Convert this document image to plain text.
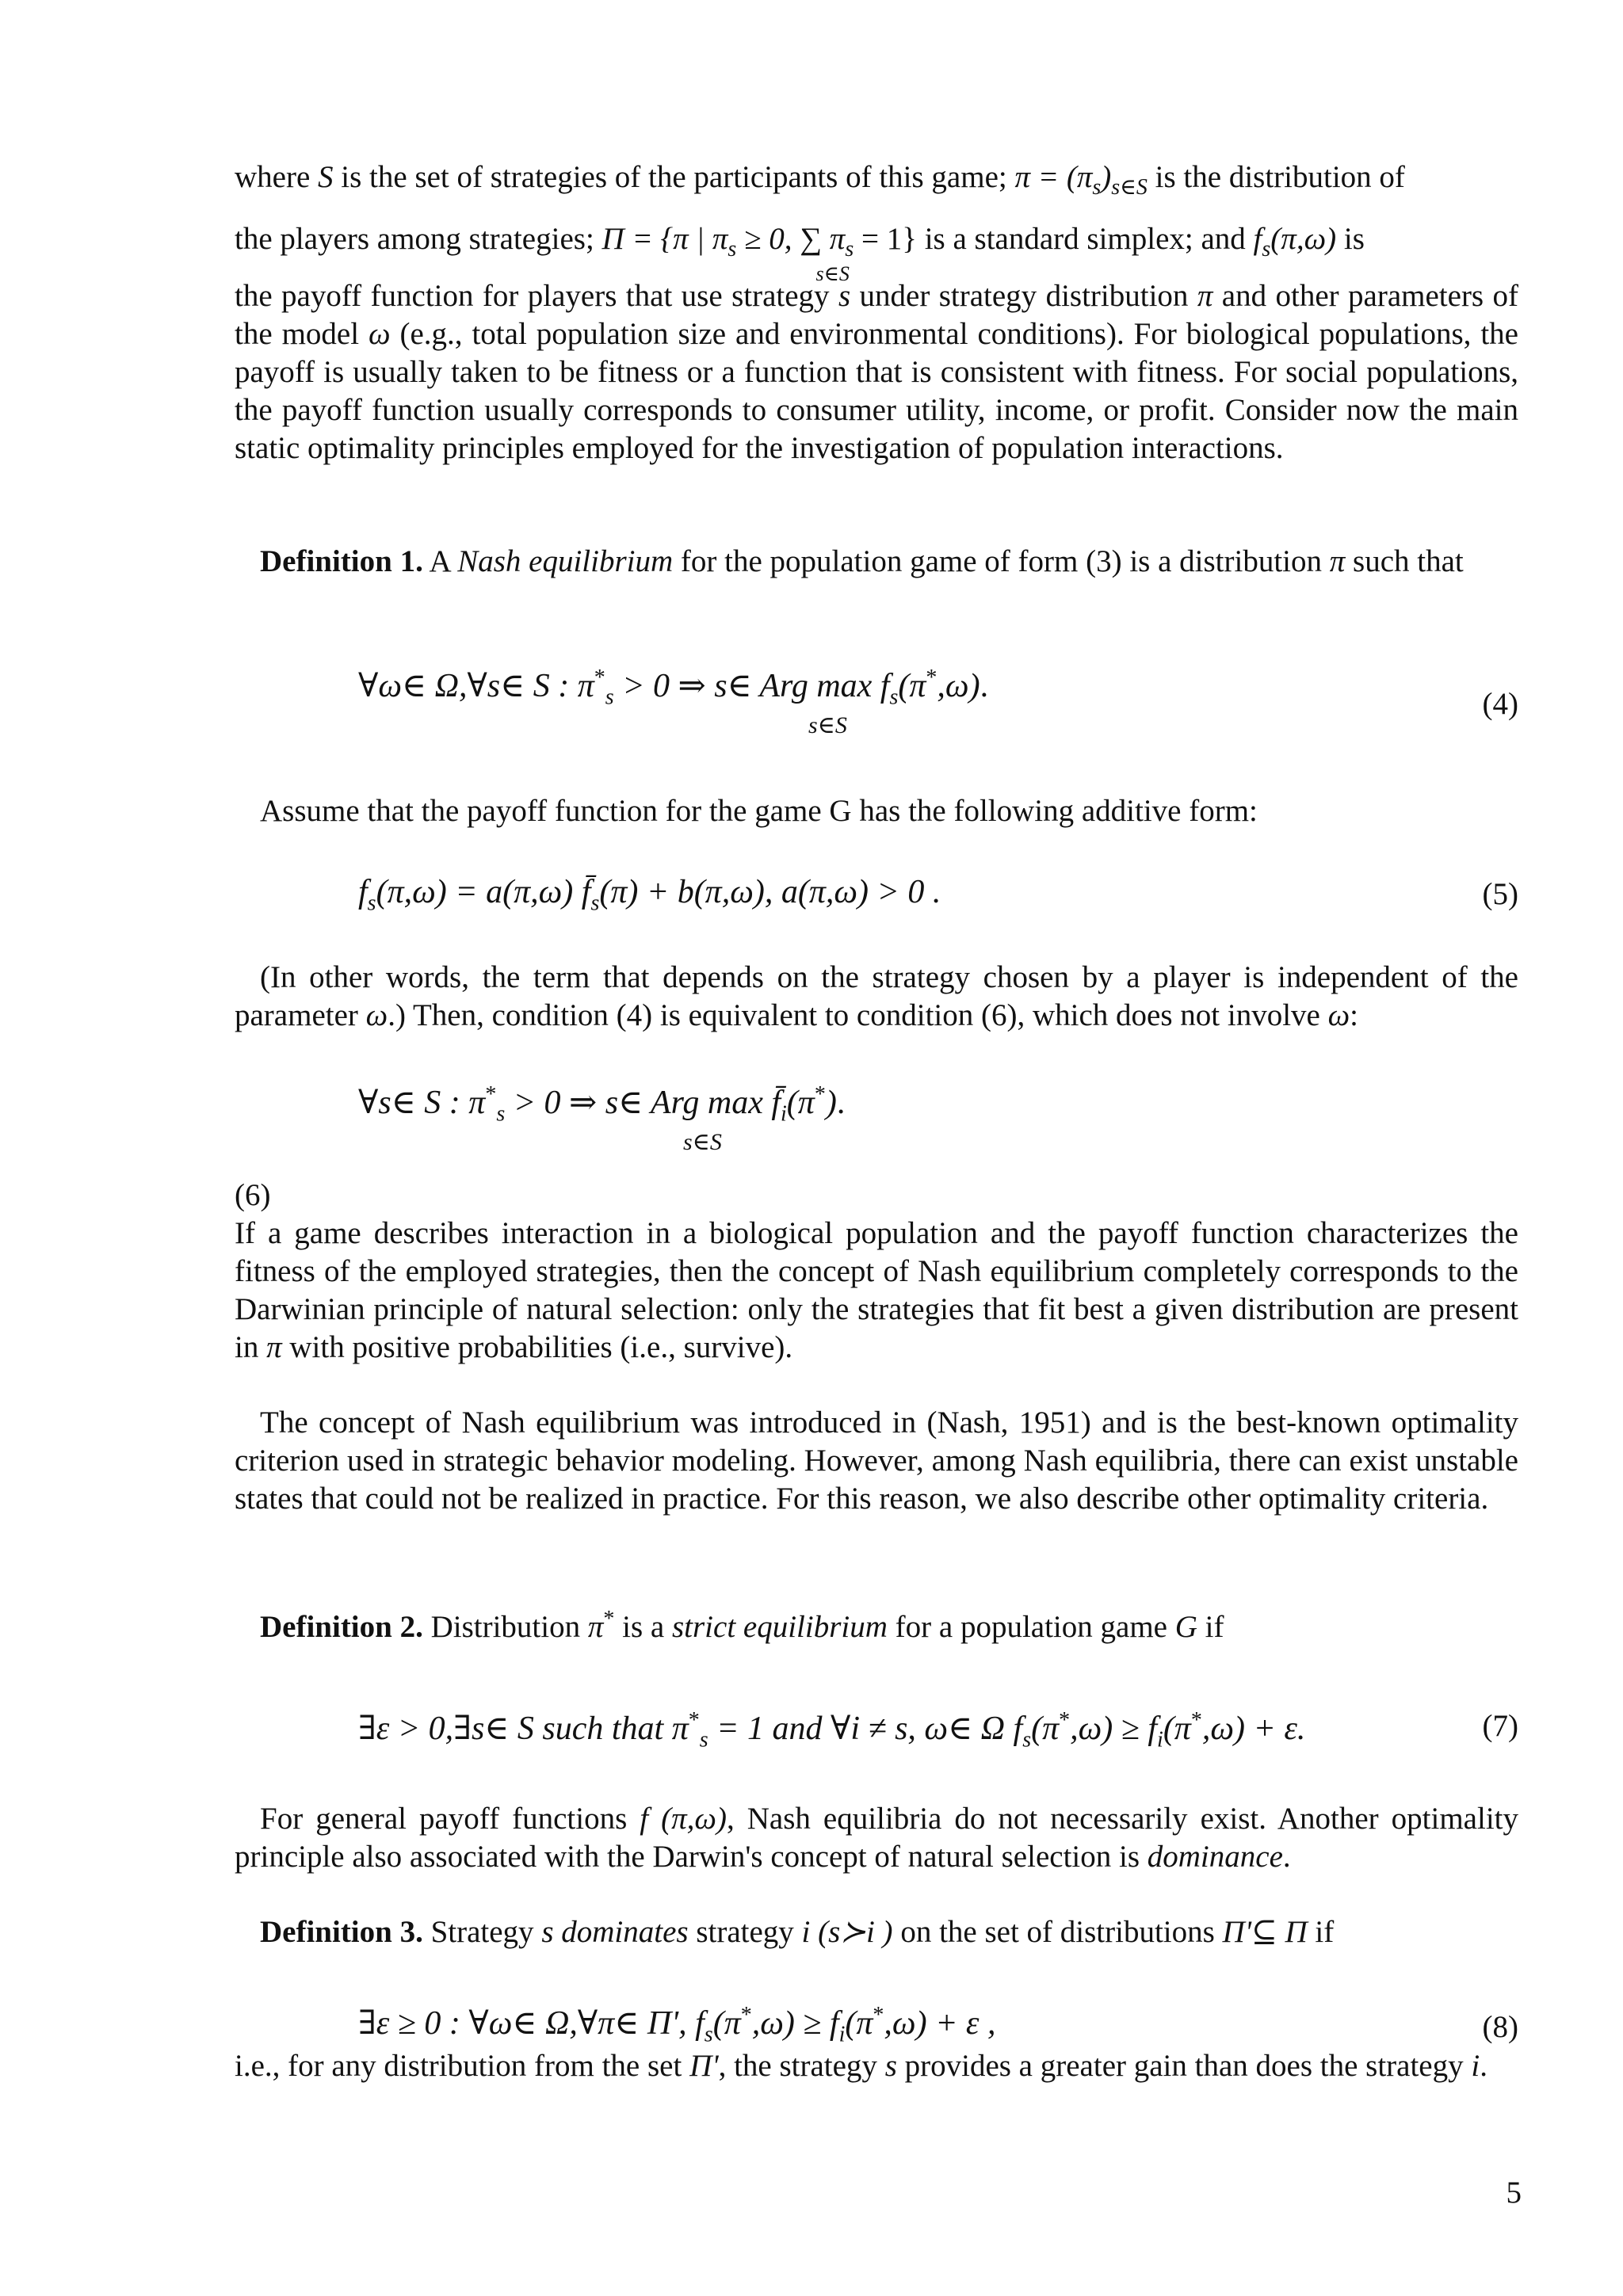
where S is the set of strategies of the participants of this game; $\pi = (\pi_s)_{s\in S}$ is the distribution of
the players among strategies; Π = {π | $\pi_s \ge 0$, ∑ $\pi_s = 1$}
s∈S
is a standard simplex; and $f_s(\pi,\omega)$ is
the payoff function for players that use strategy s under strategy distribution π and other parameters of the model ω (e.g., total population size and environmental conditions). For biological populations, the payoff is usually taken to be fitness or a function that is consistent with fitness. For social populations, the payoff function usually corresponds to consumer utility, income, or profit. Consider now the main static optimality principles employed for the investigation of population interactions.
Definition 1. A Nash equilibrium for the population game of form (3) is a distribution π such that
∀ω∈ Ω,∀s∈ S : $\pi^*_s > 0$ ⇒ s∈ Arg $\max f_s(\pi^*,\omega)$.
s∈S
(4)
Assume that the payoff function for the game G has the following additive form:
$f_s(\pi,\omega) = a(\pi,\omega)$ $f̄_s(\pi) + b(\pi,\omega)$, a(π,ω) > 0 .	(5)
(In other words, the term that depends on the strategy chosen by a player is independent of the parameter ω.) Then, condition (4) is equivalent to condition (6), which does not involve ω:
∀s∈ S : $\pi^*_s > 0$ ⇒ s∈ Arg $\max f̄_i(\pi^*)$.
s∈S
(6)
If a game describes interaction in a biological population and the payoff function characterizes the fitness of the employed strategies, then the concept of Nash equilibrium completely corresponds to the Darwinian principle of natural selection: only the strategies that fit best a given distribution are present in π with positive probabilities (i.e., survive).
The concept of Nash equilibrium was introduced in (Nash, 1951) and is the best-known optimality criterion used in strategic behavior modeling. However, among Nash equilibria, there can exist unstable states that could not be realized in practice. For this reason, we also describe other optimality criteria.
Definition 2. Distribution π* is a strict equilibrium for a population game G if
∃ε > 0,∃s∈ S such that $\pi^*_s = 1$ and ∀i ≠ s, ω∈ Ω $f_s(\pi^*,\omega) \ge f_i(\pi^*,\omega) + \varepsilon$.	(7)
For general payoff functions f (π,ω), Nash equilibria do not necessarily exist. Another optimality principle also associated with the Darwin's concept of natural selection is dominance.
Definition 3. Strategy s dominates strategy i (s≻i ) on the set of distributions Π'⊆ Π if
∃ε ≥ 0 : ∀ω∈ Ω,∀π∈ Π', $f_s(\pi^*,\omega) \ge f_i(\pi^*,\omega) + \varepsilon$ ,	(8)
i.e., for any distribution from the set Π', the strategy s provides a greater gain than does the strategy i.
5
